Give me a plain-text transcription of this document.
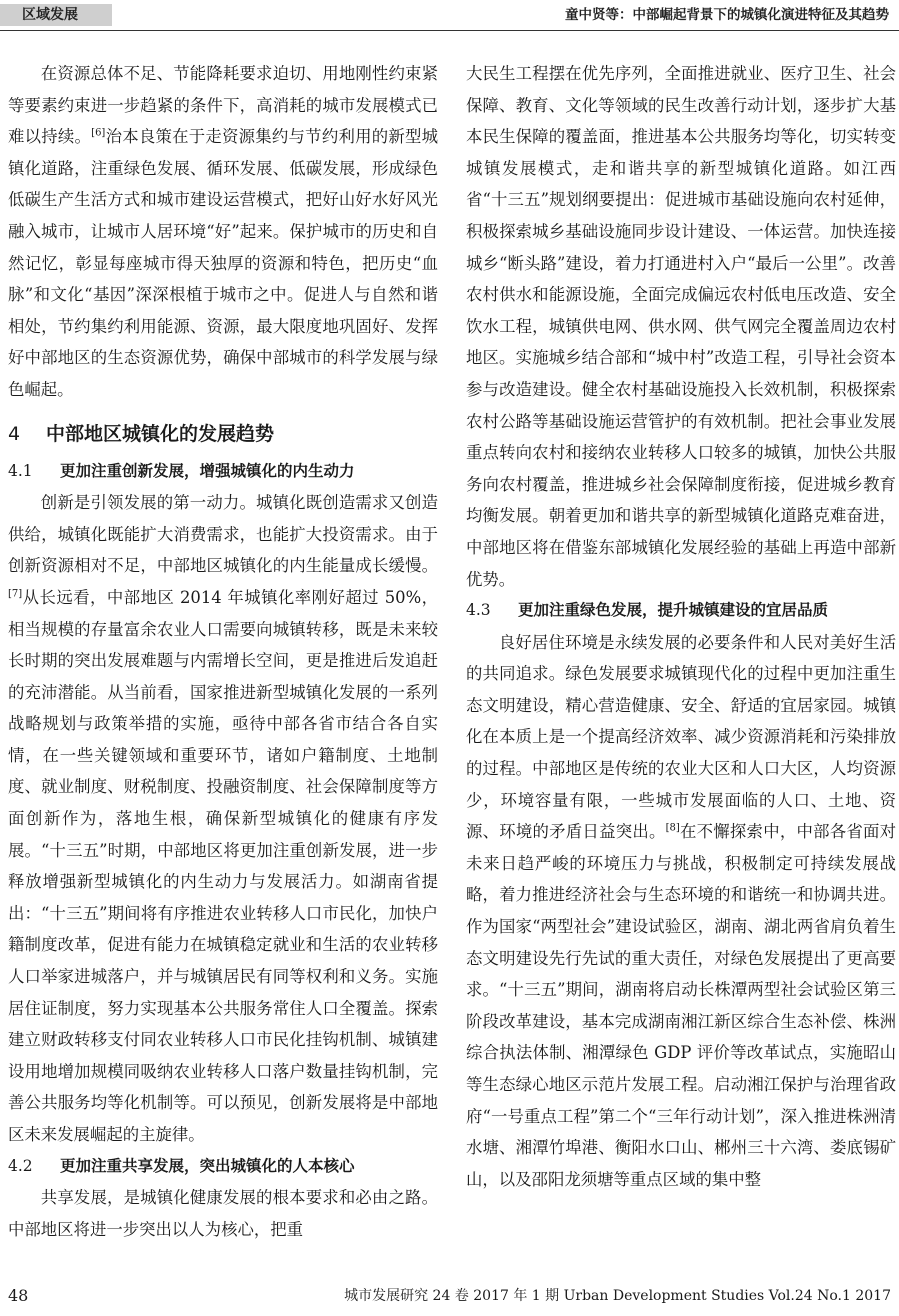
区域发展	童中贤等：中部崛起背景下的城镇化演进特征及其趋势

在资源总体不足、节能降耗要求迫切、用地刚性约束紧等要素约束进一步趋紧的条件下，高消耗的城市发展模式已难以持续。[6]治本良策在于走资源集约与节约利用的新型城镇化道路，注重绿色发展、循环发展、低碳发展，形成绿色低碳生产生活方式和城市建设运营模式，把好山好水好风光融入城市，让城市人居环境“好”起来。保护城市的历史和自然记忆，彰显每座城市得天独厚的资源和特色，把历史“血脉”和文化“基因”深深根植于城市之中。促进人与自然和谐相处，节约集约利用能源、资源，最大限度地巩固好、发挥好中部地区的生态资源优势，确保中部城市的科学发展与绿色崛起。

4 中部地区城镇化的发展趋势
4.1 更加注重创新发展，增强城镇化的内生动力

创新是引领发展的第一动力。城镇化既创造需求又创造供给，城镇化既能扩大消费需求，也能扩大投资需求。由于创新资源相对不足，中部地区城镇化的内生能量成长缓慢。[7]从长远看，中部地区 2014 年城镇化率刚好超过 50%，相当规模的存量富余农业人口需要向城镇转移，既是未来较长时期的突出发展难题与内需增长空间，更是推进后发追赶的充沛潜能。从当前看，国家推进新型城镇化发展的一系列战略规划与政策举措的实施，亟待中部各省市结合各自实情，在一些关键领域和重要环节，诸如户籍制度、土地制度、就业制度、财税制度、投融资制度、社会保障制度等方面创新作为，落地生根，确保新型城镇化的健康有序发展。“十三五”时期，中部地区将更加注重创新发展，进一步释放增强新型城镇化的内生动力与发展活力。如湖南省提出：“十三五”期间将有序推进农业转移人口市民化，加快户籍制度改革，促进有能力在城镇稳定就业和生活的农业转移人口举家进城落户，并与城镇居民有同等权利和义务。实施居住证制度，努力实现基本公共服务常住人口全覆盖。探索建立财政转移支付同农业转移人口市民化挂钩机制、城镇建设用地增加规模同吸纳农业转移人口落户数量挂钩机制，完善公共服务均等化机制等。可以预见，创新发展将是中部地区未来发展崛起的主旋律。

4.2 更加注重共享发展，突出城镇化的人本核心

共享发展，是城镇化健康发展的根本要求和必由之路。中部地区将进一步突出以人为核心，把重

大民生工程摆在优先序列，全面推进就业、医疗卫生、社会保障、教育、文化等领域的民生改善行动计划，逐步扩大基本民生保障的覆盖面，推进基本公共服务均等化，切实转变城镇发展模式，走和谐共享的新型城镇化道路。如江西省“十三五”规划纲要提出：促进城市基础设施向农村延伸，积极探索城乡基础设施同步设计建设、一体运营。加快连接城乡“断头路”建设，着力打通进村入户“最后一公里”。改善农村供水和能源设施，全面完成偏远农村低电压改造、安全饮水工程，城镇供电网、供水网、供气网完全覆盖周边农村地区。实施城乡结合部和“城中村”改造工程，引导社会资本参与改造建设。健全农村基础设施投入长效机制，积极探索农村公路等基础设施运营管护的有效机制。把社会事业发展重点转向农村和接纳农业转移人口较多的城镇，加快公共服务向农村覆盖，推进城乡社会保障制度衔接，促进城乡教育均衡发展。朝着更加和谐共享的新型城镇化道路克难奋进，中部地区将在借鉴东部城镇化发展经验的基础上再造中部新优势。

4.3 更加注重绿色发展，提升城镇建设的宜居品质

良好居住环境是永续发展的必要条件和人民对美好生活的共同追求。绿色发展要求城镇现代化的过程中更加注重生态文明建设，精心营造健康、安全、舒适的宜居家园。城镇化在本质上是一个提高经济效率、减少资源消耗和污染排放的过程。中部地区是传统的农业大区和人口大区，人均资源少，环境容量有限，一些城市发展面临的人口、土地、资源、环境的矛盾日益突出。[8]在不懈探索中，中部各省面对未来日趋严峻的环境压力与挑战，积极制定可持续发展战略，着力推进经济社会与生态环境的和谐统一和协调共进。作为国家“两型社会”建设试验区，湖南、湖北两省肩负着生态文明建设先行先试的重大责任，对绿色发展提出了更高要求。“十三五”期间，湖南将启动长株潭两型社会试验区第三阶段改革建设，基本完成湖南湘江新区综合生态补偿、株洲综合执法体制、湘潭绿色 GDP 评价等改革试点，实施昭山等生态绿心地区示范片发展工程。启动湘江保护与治理省政府“一号重点工程”第二个“三年行动计划”，深入推进株洲清水塘、湘潭竹埠港、衡阳水口山、郴州三十六湾、娄底锡矿山，以及邵阳龙须塘等重点区域的集中整

48	城市发展研究 24 卷 2017 年 1 期 Urban Development Studies Vol.24 No.1 2017
